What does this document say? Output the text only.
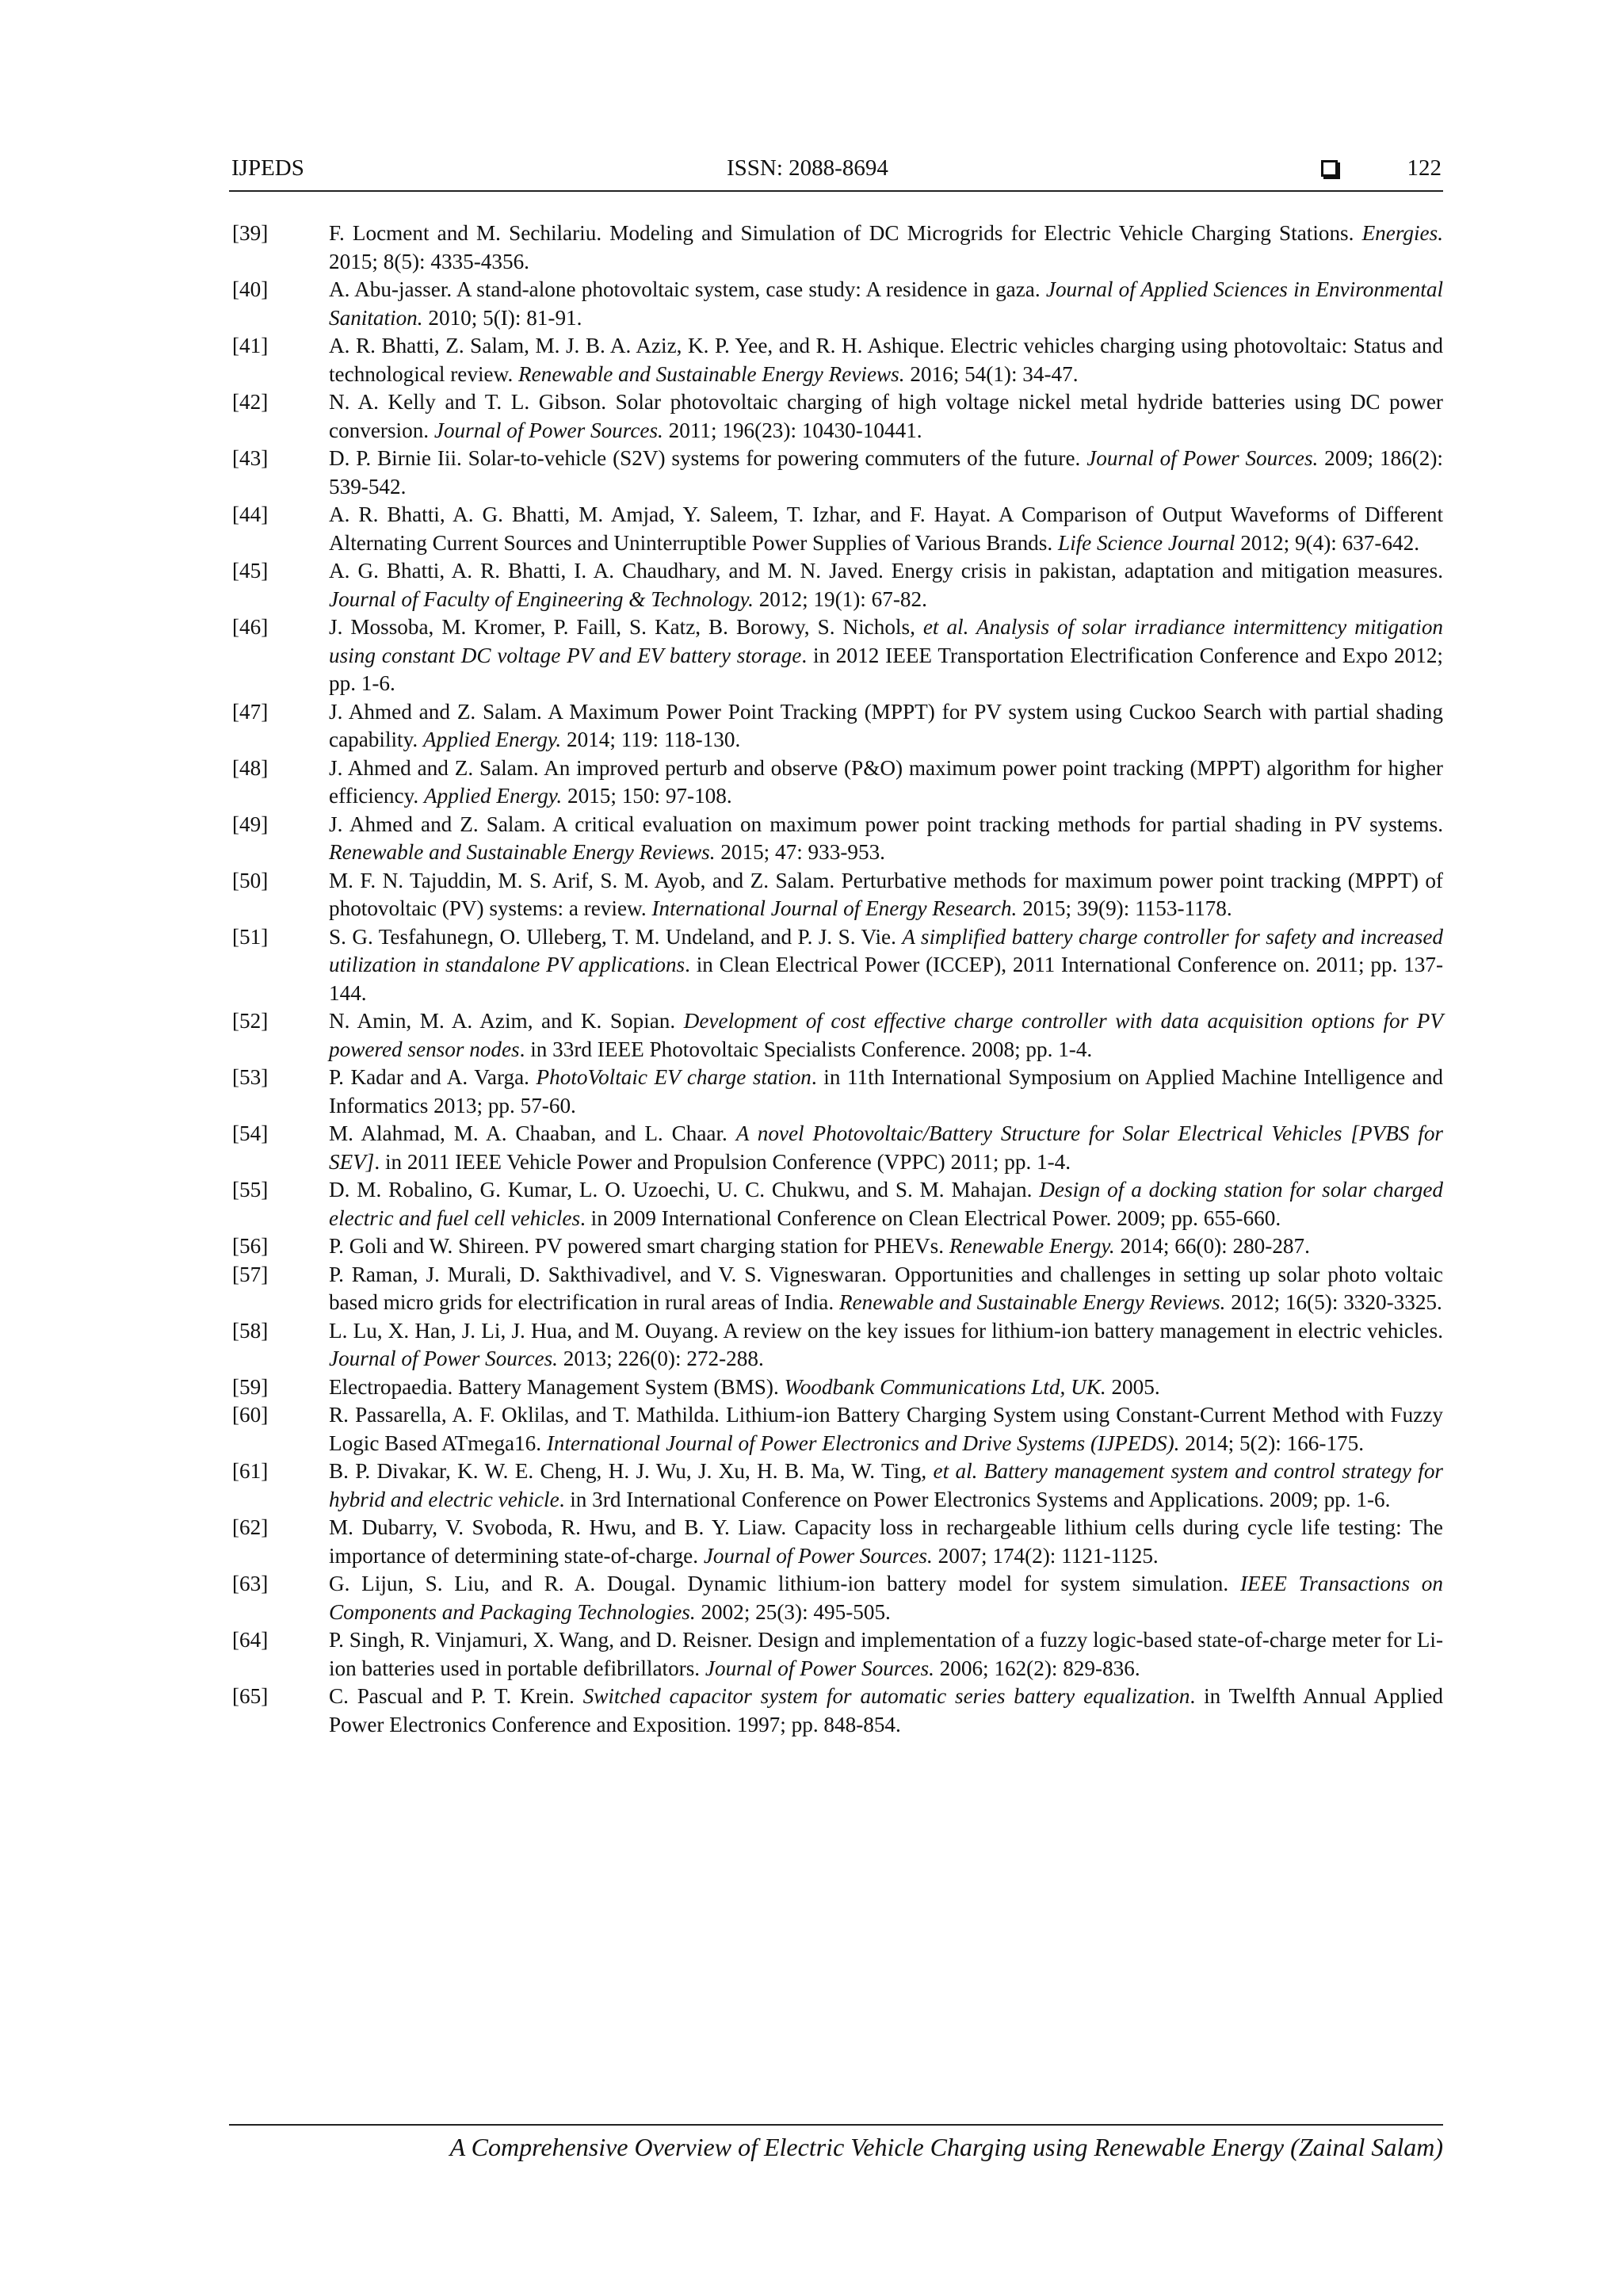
IJPEDS	ISSN: 2088-8694	122
[39]	F. Locment and M. Sechilariu. Modeling and Simulation of DC Microgrids for Electric Vehicle Charging Stations. Energies. 2015; 8(5): 4335-4356.
[40]	A. Abu-jasser. A stand-alone photovoltaic system, case study: A residence in gaza. Journal of Applied Sciences in Environmental Sanitation. 2010; 5(I): 81-91.
[41]	A. R. Bhatti, Z. Salam, M. J. B. A. Aziz, K. P. Yee, and R. H. Ashique. Electric vehicles charging using photovoltaic: Status and technological review. Renewable and Sustainable Energy Reviews. 2016; 54(1): 34-47.
[42]	N. A. Kelly and T. L. Gibson. Solar photovoltaic charging of high voltage nickel metal hydride batteries using DC power conversion. Journal of Power Sources. 2011; 196(23): 10430-10441.
[43]	D. P. Birnie Iii. Solar-to-vehicle (S2V) systems for powering commuters of the future. Journal of Power Sources. 2009; 186(2): 539-542.
[44]	A. R. Bhatti, A. G. Bhatti, M. Amjad, Y. Saleem, T. Izhar, and F. Hayat. A Comparison of Output Waveforms of Different Alternating Current Sources and Uninterruptible Power Supplies of Various Brands. Life Science Journal 2012; 9(4): 637-642.
[45]	A. G. Bhatti, A. R. Bhatti, I. A. Chaudhary, and M. N. Javed. Energy crisis in pakistan, adaptation and mitigation measures. Journal of Faculty of Engineering & Technology. 2012; 19(1): 67-82.
[46]	J. Mossoba, M. Kromer, P. Faill, S. Katz, B. Borowy, S. Nichols, et al. Analysis of solar irradiance intermittency mitigation using constant DC voltage PV and EV battery storage. in 2012 IEEE Transportation Electrification Conference and Expo 2012; pp. 1-6.
[47]	J. Ahmed and Z. Salam. A Maximum Power Point Tracking (MPPT) for PV system using Cuckoo Search with partial shading capability. Applied Energy. 2014; 119: 118-130.
[48]	J. Ahmed and Z. Salam. An improved perturb and observe (P&O) maximum power point tracking (MPPT) algorithm for higher efficiency. Applied Energy. 2015; 150: 97-108.
[49]	J. Ahmed and Z. Salam. A critical evaluation on maximum power point tracking methods for partial shading in PV systems. Renewable and Sustainable Energy Reviews. 2015; 47: 933-953.
[50]	M. F. N. Tajuddin, M. S. Arif, S. M. Ayob, and Z. Salam. Perturbative methods for maximum power point tracking (MPPT) of photovoltaic (PV) systems: a review. International Journal of Energy Research. 2015; 39(9): 1153-1178.
[51]	S. G. Tesfahunegn, O. Ulleberg, T. M. Undeland, and P. J. S. Vie. A simplified battery charge controller for safety and increased utilization in standalone PV applications. in Clean Electrical Power (ICCEP), 2011 International Conference on. 2011; pp. 137-144.
[52]	N. Amin, M. A. Azim, and K. Sopian. Development of cost effective charge controller with data acquisition options for PV powered sensor nodes. in 33rd IEEE Photovoltaic Specialists Conference. 2008; pp. 1-4.
[53]	P. Kadar and A. Varga. PhotoVoltaic EV charge station. in 11th International Symposium on Applied Machine Intelligence and Informatics 2013; pp. 57-60.
[54]	M. Alahmad, M. A. Chaaban, and L. Chaar. A novel Photovoltaic/Battery Structure for Solar Electrical Vehicles [PVBS for SEV]. in 2011 IEEE Vehicle Power and Propulsion Conference (VPPC) 2011; pp. 1-4.
[55]	D. M. Robalino, G. Kumar, L. O. Uzoechi, U. C. Chukwu, and S. M. Mahajan. Design of a docking station for solar charged electric and fuel cell vehicles. in 2009 International Conference on Clean Electrical Power. 2009; pp. 655-660.
[56]	P. Goli and W. Shireen. PV powered smart charging station for PHEVs. Renewable Energy. 2014; 66(0): 280-287.
[57]	P. Raman, J. Murali, D. Sakthivadivel, and V. S. Vigneswaran. Opportunities and challenges in setting up solar photo voltaic based micro grids for electrification in rural areas of India. Renewable and Sustainable Energy Reviews. 2012; 16(5): 3320-3325.
[58]	L. Lu, X. Han, J. Li, J. Hua, and M. Ouyang. A review on the key issues for lithium-ion battery management in electric vehicles. Journal of Power Sources. 2013; 226(0): 272-288.
[59]	Electropaedia. Battery Management System (BMS). Woodbank Communications Ltd, UK. 2005.
[60]	R. Passarella, A. F. Oklilas, and T. Mathilda. Lithium-ion Battery Charging System using Constant-Current Method with Fuzzy Logic Based ATmega16. International Journal of Power Electronics and Drive Systems (IJPEDS). 2014; 5(2): 166-175.
[61]	B. P. Divakar, K. W. E. Cheng, H. J. Wu, J. Xu, H. B. Ma, W. Ting, et al. Battery management system and control strategy for hybrid and electric vehicle. in 3rd International Conference on Power Electronics Systems and Applications. 2009; pp. 1-6.
[62]	M. Dubarry, V. Svoboda, R. Hwu, and B. Y. Liaw. Capacity loss in rechargeable lithium cells during cycle life testing: The importance of determining state-of-charge. Journal of Power Sources. 2007; 174(2): 1121-1125.
[63]	G. Lijun, S. Liu, and R. A. Dougal. Dynamic lithium-ion battery model for system simulation. IEEE Transactions on Components and Packaging Technologies. 2002; 25(3): 495-505.
[64]	P. Singh, R. Vinjamuri, X. Wang, and D. Reisner. Design and implementation of a fuzzy logic-based state-of-charge meter for Li-ion batteries used in portable defibrillators. Journal of Power Sources. 2006; 162(2): 829-836.
[65]	C. Pascual and P. T. Krein. Switched capacitor system for automatic series battery equalization. in Twelfth Annual Applied Power Electronics Conference and Exposition. 1997; pp. 848-854.
A Comprehensive Overview of Electric Vehicle Charging using Renewable Energy (Zainal Salam)
